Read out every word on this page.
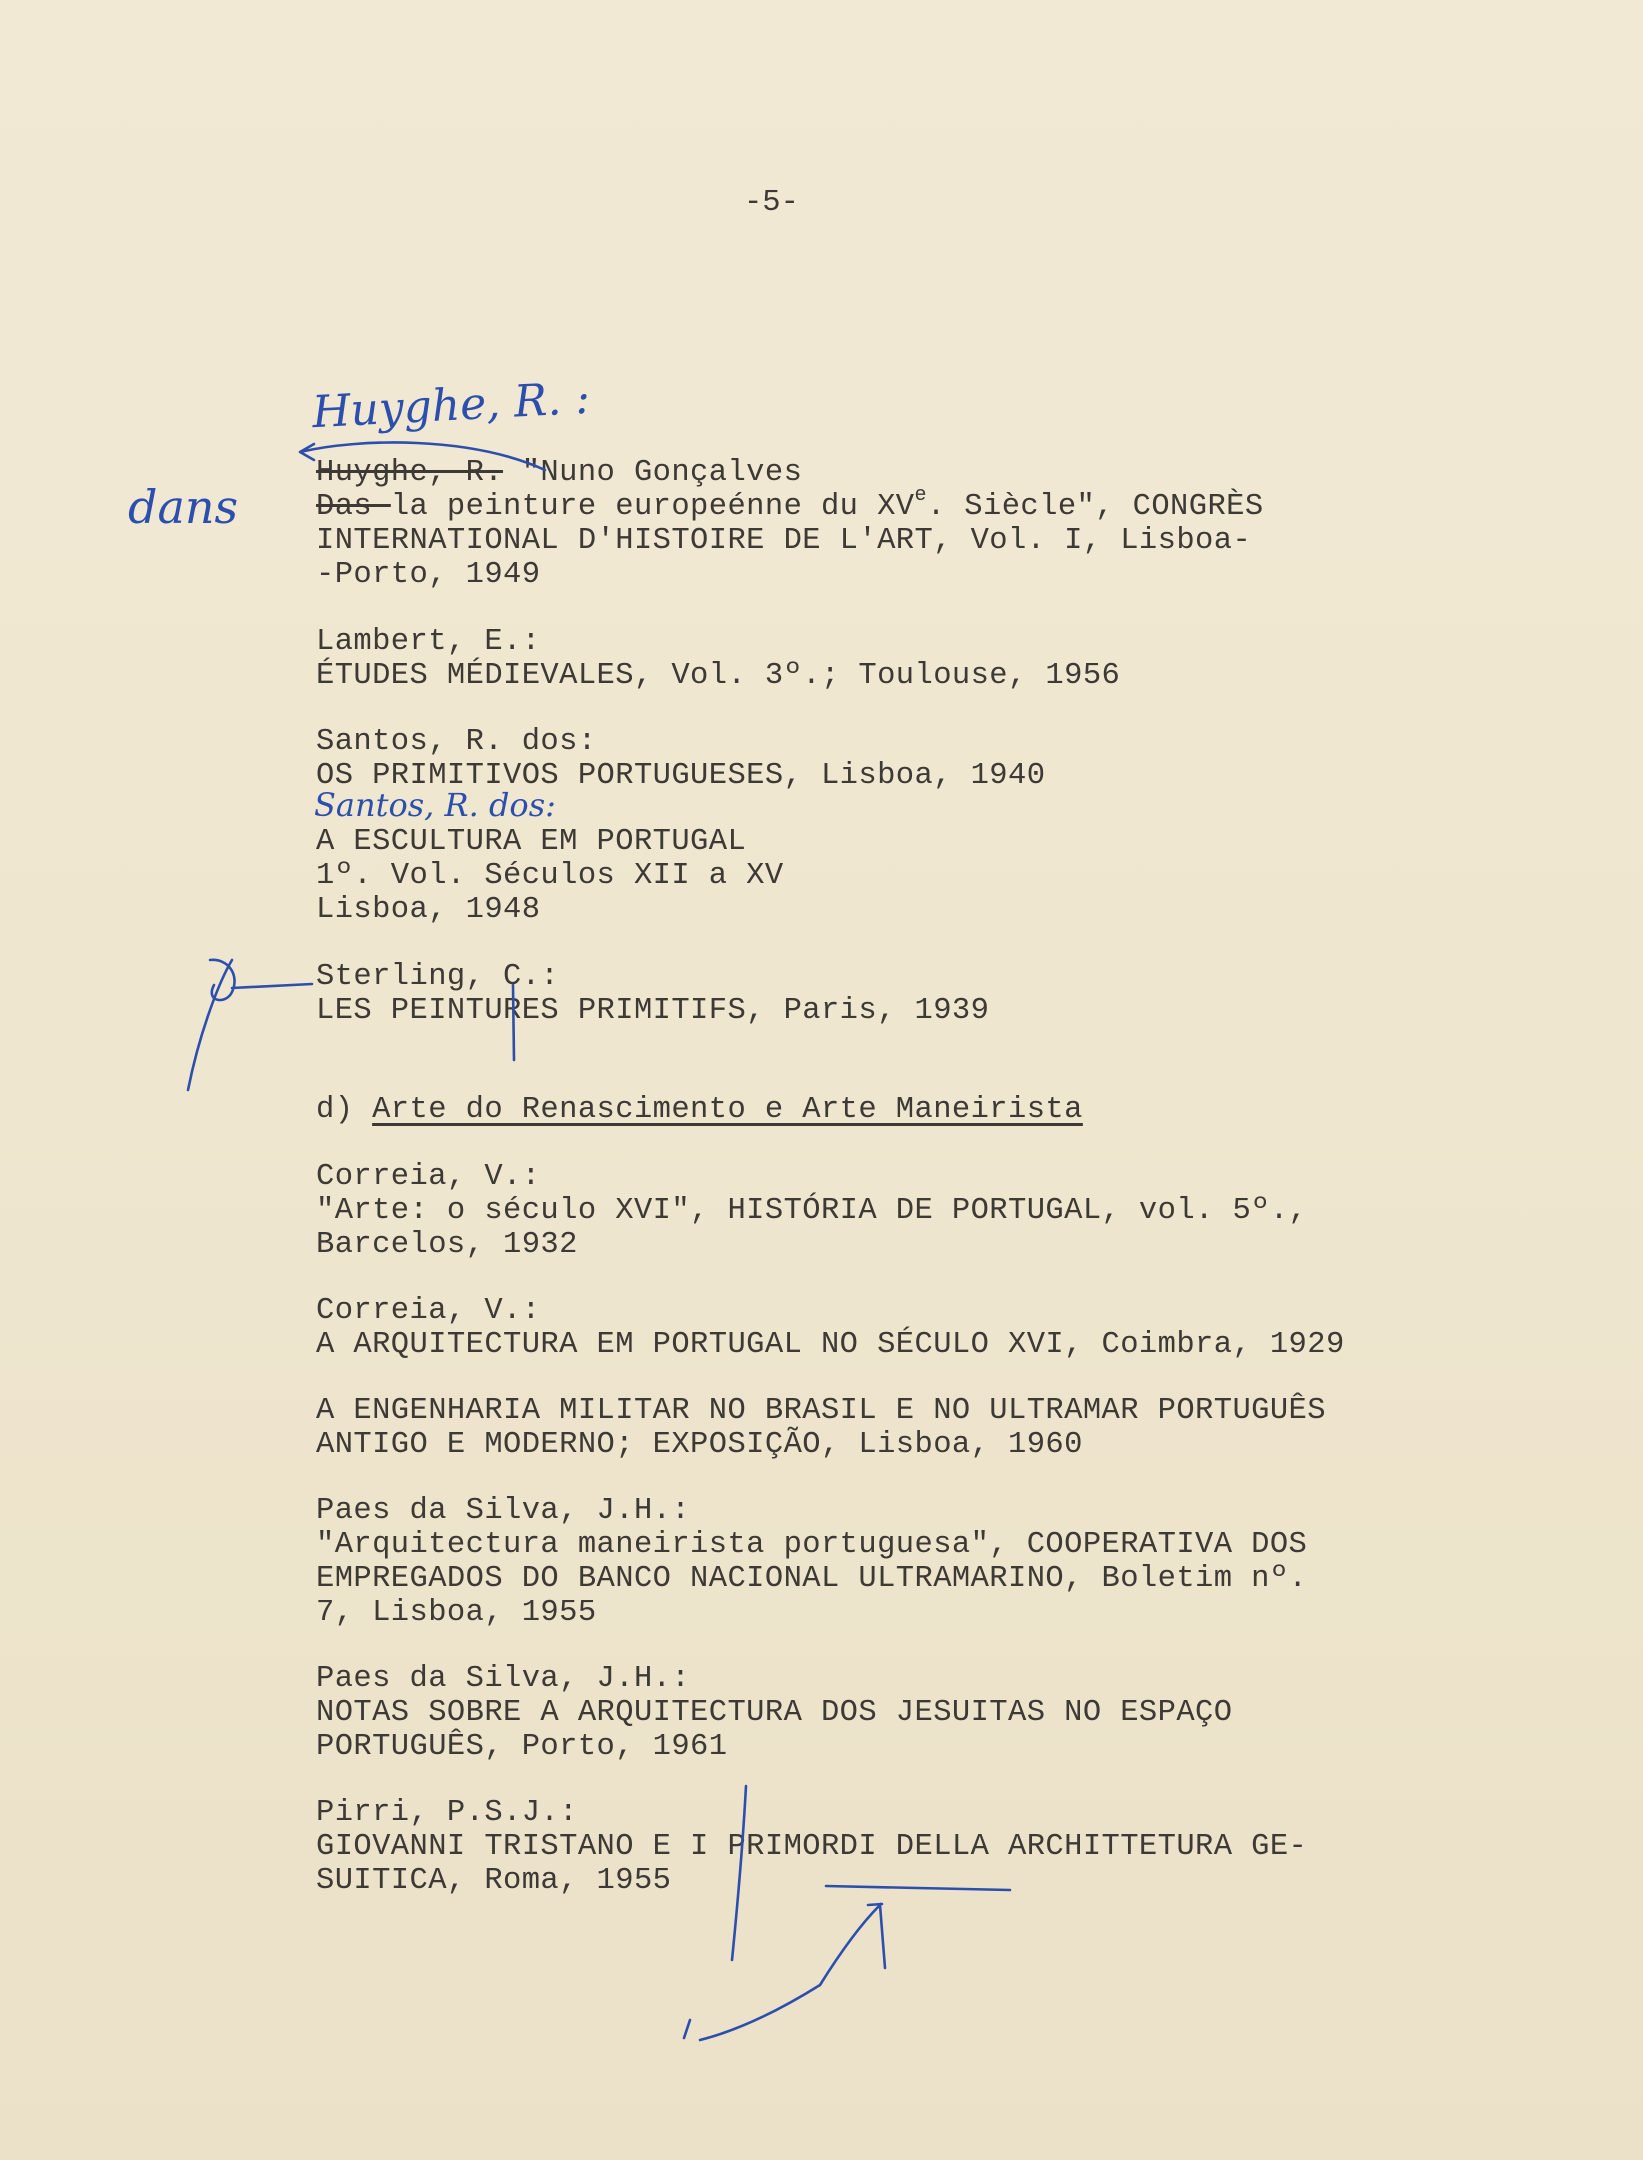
-5-
Huyghe, R. :
dans
Santos, R. dos:
Huyghe, R. "Nuno Gonçalves
Das la peinture europeénne du XVe. Siècle", CONGRÈS
INTERNATIONAL D'HISTOIRE DE L'ART, Vol. I, Lisboa-
-Porto, 1949
Lambert, E.:
ÉTUDES MÉDIEVALES, Vol. 3º.; Toulouse, 1956
Santos, R. dos:
OS PRIMITIVOS PORTUGUESES, Lisboa, 1940
A ESCULTURA EM PORTUGAL
1º. Vol. Séculos XII a XV
Lisboa, 1948
Sterling, C.:
LES PEINTURES PRIMITIFS, Paris, 1939
d) Arte do Renascimento e Arte Maneirista
Correia, V.:
"Arte: o século XVI", HISTÓRIA DE PORTUGAL, vol. 5º.,
Barcelos, 1932
Correia, V.:
A ARQUITECTURA EM PORTUGAL NO SÉCULO XVI, Coimbra, 1929
A ENGENHARIA MILITAR NO BRASIL E NO ULTRAMAR PORTUGUÊS
ANTIGO E MODERNO; EXPOSIÇÃO, Lisboa, 1960
Paes da Silva, J.H.:
"Arquitectura maneirista portuguesa", COOPERATIVA DOS
EMPREGADOS DO BANCO NACIONAL ULTRAMARINO, Boletim nº.
7, Lisboa, 1955
Paes da Silva, J.H.:
NOTAS SOBRE A ARQUITECTURA DOS JESUITAS NO ESPAÇO
PORTUGUÊS, Porto, 1961
Pirri, P.S.J.:
GIOVANNI TRISTANO E I PRIMORDI DELLA ARCHITTETURA GE-
SUITICA, Roma, 1955
